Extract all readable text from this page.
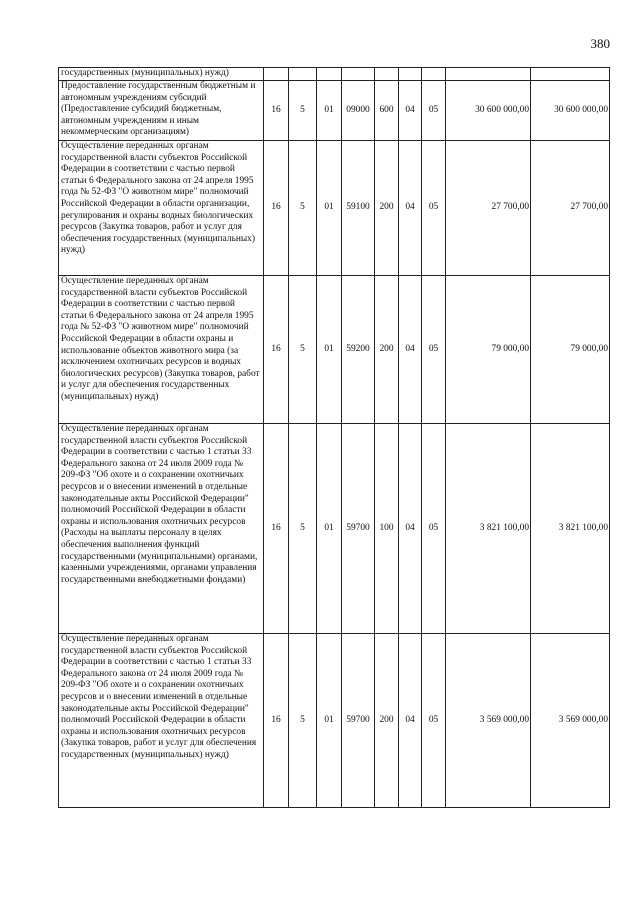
380
государственных (муниципальных) нужд)									

Предоставление государственным бюджетным и автономным учреждениям субсидий (Предоставление субсидий бюджетным, автономным учреждениям и иным некоммерческим организациям)	16	5	01	09000	600	04	05	30 600 000,00	30 600 000,00

Осуществление переданных органам государственной власти субъектов Российской Федерации в соответствии с частью первой статьи 6 Федерального закона от 24 апреля 1995 года № 52-ФЗ "О животном мире" полномочий Российской Федерации в области организации, регулирования и охраны водных биологических ресурсов (Закупка товаров, работ и услуг для обеспечения государственных (муниципальных) нужд)	16	5	01	59100	200	04	05	27 700,00	27 700,00

Осуществление переданных органам государственной власти субъектов Российской Федерации в соответствии с частью первой статьи 6 Федерального закона от 24 апреля 1995 года № 52-ФЗ "О животном мире" полномочий Российской Федерации в области охраны и использование объектов животного мира (за исключением охотничьих ресурсов и водных биологических ресурсов) (Закупка товаров, работ и услуг для обеспечения государственных (муниципальных) нужд)	16	5	01	59200	200	04	05	79 000,00	79 000,00

Осуществление переданных органам государственной власти субъектов Российской Федерации в соответствии с частью 1 статьи 33 Федерального закона от 24 июля 2009 года № 209-ФЗ "Об охоте и о сохранении охотничьих ресурсов и о внесении изменений в отдельные законодательные акты Российской Федерации" полномочий Российской Федерации в области охраны и использования охотничьих ресурсов (Расходы на выплаты персоналу в целях обеспечения выполнения функций государственными (муниципальными) органами, казенными учреждениями, органами управления государственными внебюджетными фондами)	16	5	01	59700	100	04	05	3 821 100,00	3 821 100,00

Осуществление переданных органам государственной власти субъектов Российской Федерации в соответствии с частью 1 статьи 33 Федерального закона от 24 июля 2009 года № 209-ФЗ "Об охоте и о сохранении охотничьих ресурсов и о внесении изменений в отдельные законодательные акты Российской Федерации" полномочий Российской Федерации в области охраны и использования охотничьих ресурсов (Закупка товаров, работ и услуг для обеспечения государственных (муниципальных) нужд)	16	5	01	59700	200	04	05	3 569 000,00	3 569 000,00
